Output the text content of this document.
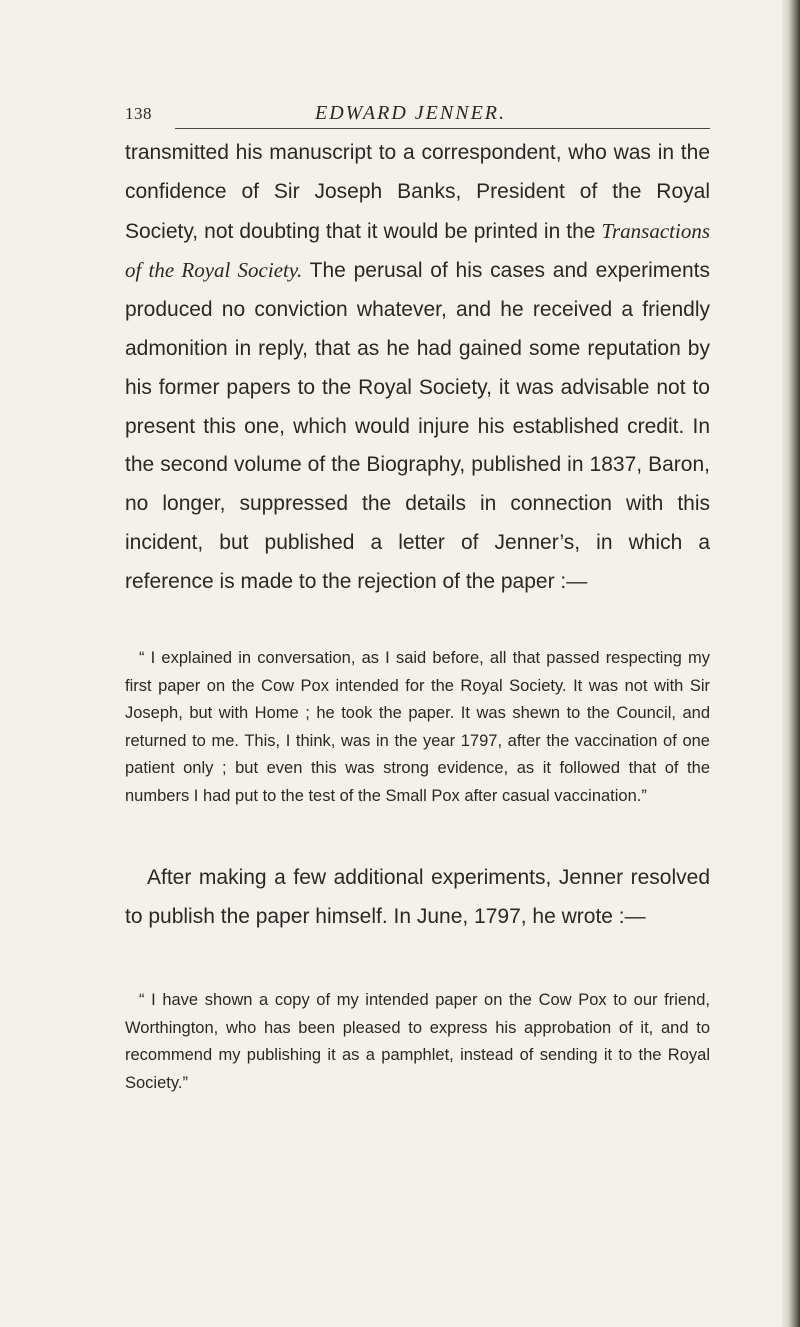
138	EDWARD JENNER.

transmitted his manuscript to a correspondent, who was in the confidence of Sir Joseph Banks, President of the Royal Society, not doubting that it would be printed in the Transactions of the Royal Society. The perusal of his cases and experiments produced no conviction whatever, and he received a friendly admonition in reply, that as he had gained some reputation by his former papers to the Royal Society, it was advisable not to present this one, which would injure his established credit. In the second volume of the Biography, published in 1837, Baron, no longer, suppressed the details in connection with this incident, but published a letter of Jenner’s, in which a reference is made to the rejection of the paper :—

“ I explained in conversation, as I said before, all that passed respecting my first paper on the Cow Pox intended for the Royal Society. It was not with Sir Joseph, but with Home ; he took the paper. It was shewn to the Council, and returned to me. This, I think, was in the year 1797, after the vaccination of one patient only ; but even this was strong evidence, as it followed that of the numbers I had put to the test of the Small Pox after casual vaccination.”

After making a few additional experiments, Jenner resolved to publish the paper himself. In June, 1797, he wrote :—

“ I have shown a copy of my intended paper on the Cow Pox to our friend, Worthington, who has been pleased to express his approbation of it, and to recommend my publishing it as a pamphlet, instead of sending it to the Royal Society.”
